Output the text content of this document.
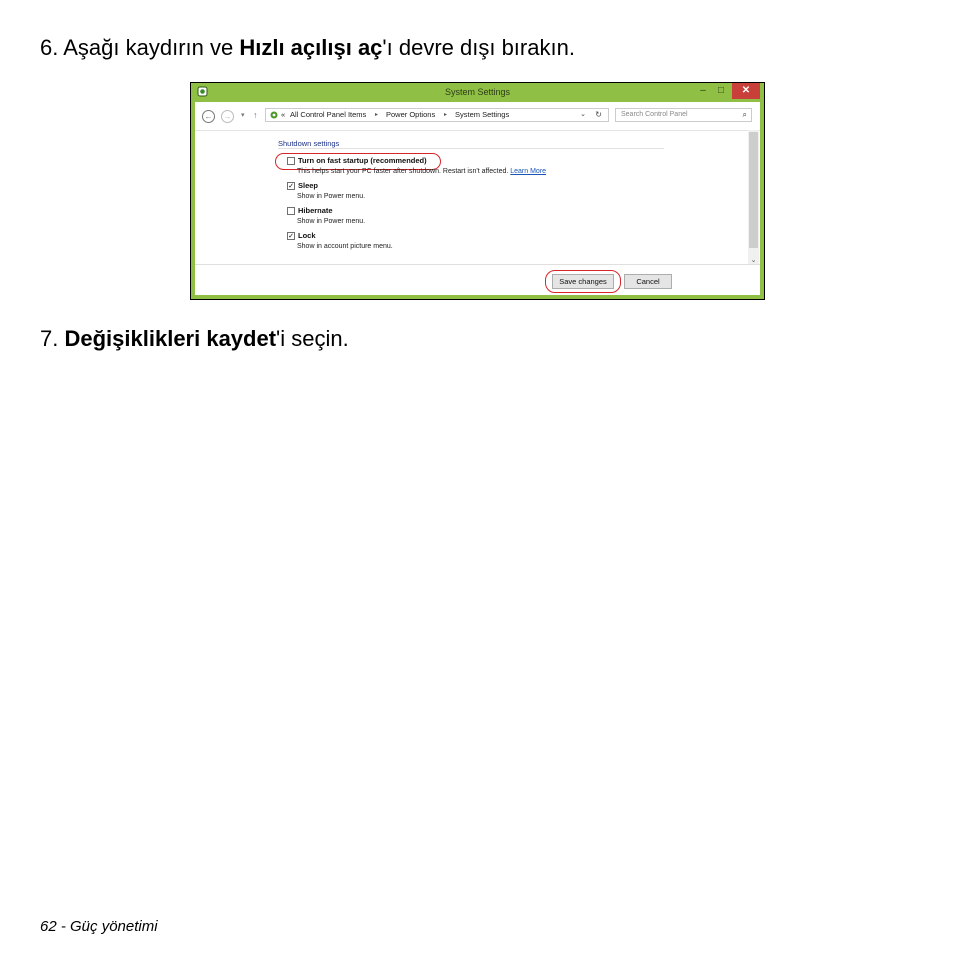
6. Aşağı kaydırın ve Hızlı açılışı aç'ı devre dışı bırakın.

System Settings	–	□	✕
←	→	▾ ↑	« All Control Panel Items ▸ Power Options ▸ System Settings	⌄ ↻	Search Control Panel	⌕
Shutdown settings
Turn on fast startup (recommended)
This helps start your PC faster after shutdown. Restart isn't affected. Learn More
✓ Sleep
Show in Power menu.
Hibernate
Show in Power menu.
✓ Lock
Show in account picture menu.
⌄
Save changes	Cancel

7. Değişiklikleri kaydet'i seçin.

62 - Güç yönetimi
